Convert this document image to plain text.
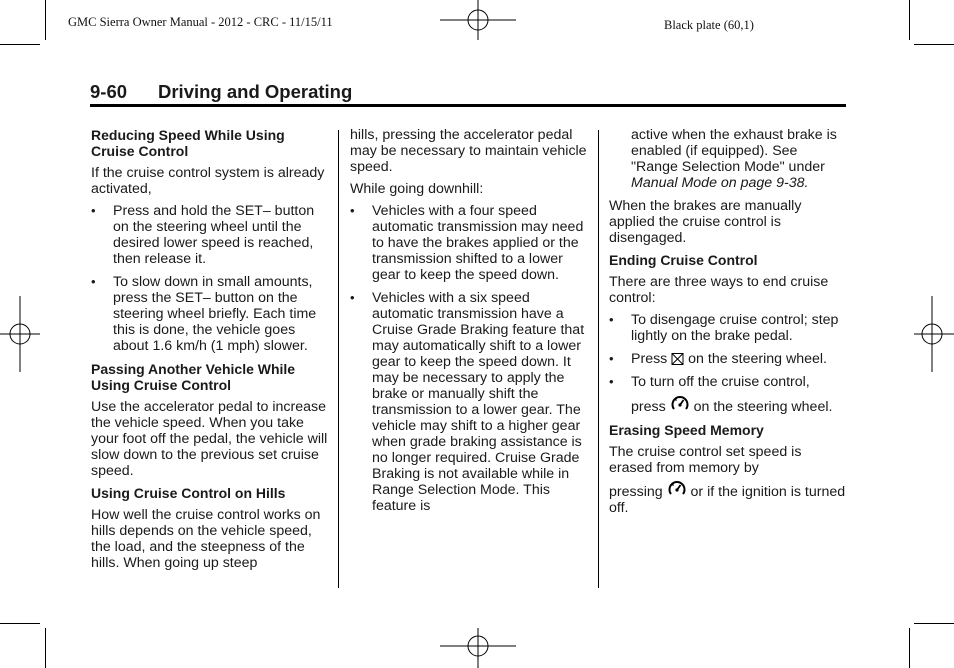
GMC Sierra Owner Manual - 2012 - CRC - 11/15/11	Black plate (60,1)
9-60 Driving and Operating
Reducing Speed While Using Cruise Control

If the cruise control system is already activated,

• Press and hold the SET– button on the steering wheel until the desired lower speed is reached, then release it.
• To slow down in small amounts, press the SET– button on the steering wheel briefly. Each time this is done, the vehicle goes about 1.6 km/h (1 mph) slower.
Passing Another Vehicle While Using Cruise Control

Use the accelerator pedal to increase the vehicle speed. When you take your foot off the pedal, the vehicle will slow down to the previous set cruise speed.

Using Cruise Control on Hills

How well the cruise control works on hills depends on the vehicle speed, the load, and the steepness of the hills. When going up steep

hills, pressing the accelerator pedal may be necessary to maintain vehicle speed.

While going downhill:

• Vehicles with a four speed automatic transmission may need to have the brakes applied or the transmission shifted to a lower gear to keep the speed down.
• Vehicles with a six speed automatic transmission have a Cruise Grade Braking feature that may automatically shift to a lower gear to keep the speed down. It may be necessary to apply the brake or manually shift the transmission to a lower gear. The vehicle may shift to a higher gear when grade braking assistance is no longer required. Cruise Grade Braking is not available while in Range Selection Mode. This feature is
active when the exhaust brake is enabled (if equipped). See "Range Selection Mode" under Manual Mode on page 9-38.

When the brakes are manually applied the cruise control is disengaged.

Ending Cruise Control

There are three ways to end cruise control:

• To disengage cruise control; step lightly on the brake pedal.
• Press on the steering wheel.
• To turn off the cruise control,
press on the steering wheel.
Erasing Speed Memory

The cruise control set speed is erased from memory by
pressing or if the ignition is turned off.
